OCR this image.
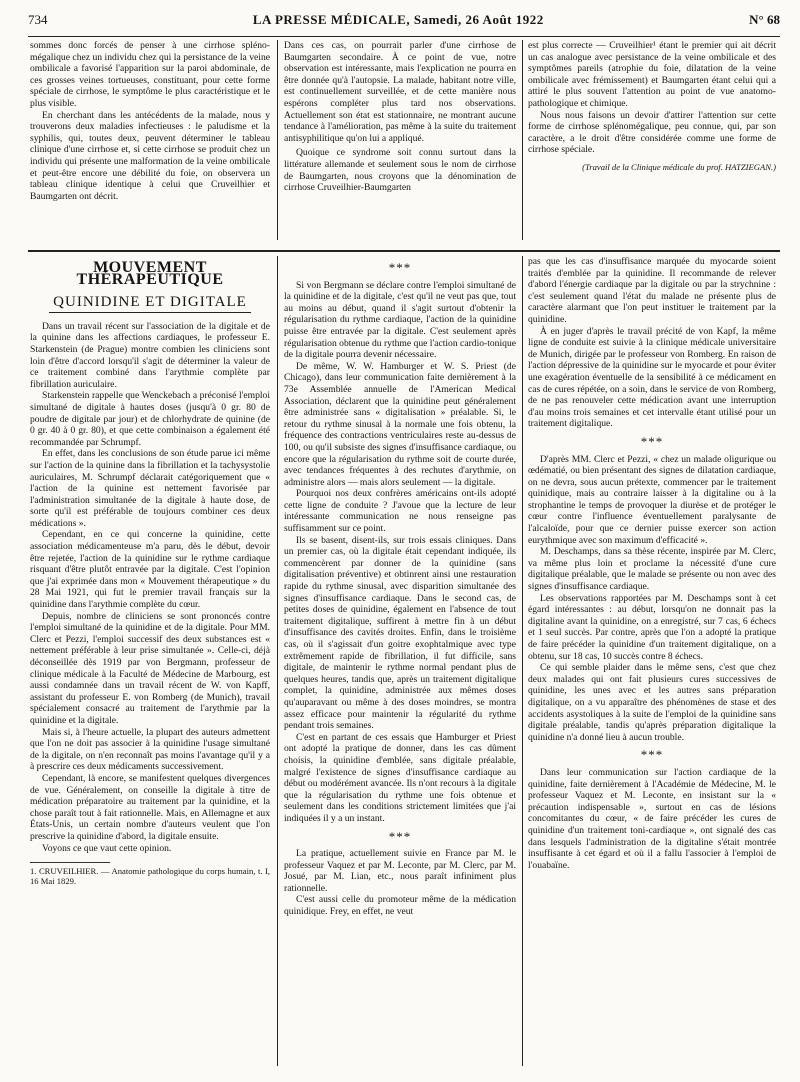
734	LA PRESSE MÉDICALE, Samedi, 26 Août 1922	N° 68

sommes donc forcés de penser à une cirrhose spléno-mégalique chez un individu chez qui la persistance de la veine ombilicale a favorisé l'apparition sur la paroi abdominale, de ces grosses veines tortueuses, constituant, pour cette forme spéciale de cirrhose, le symptôme le plus caractéristique et le plus visible.

En cherchant dans les antécédents de la malade, nous y trouverons deux maladies infectieuses : le paludisme et la syphilis, qui, toutes deux, peuvent déterminer le tableau clinique d'une cirrhose et, si cette cirrhose se produit chez un individu qui présente une malformation de la veine ombilicale et peut-être encore une débilité du foie, on observera un tableau clinique identique à celui que Cruveilhier et Baumgarten ont décrit.

Dans ces cas, on pourrait parler d'une cirrhose de Baumgarten secondaire. À ce point de vue, notre observation est intéressante, mais l'explication ne pourra en être donnée qu'à l'autopsie. La malade, habitant notre ville, est continuellement surveillée, et de cette manière nous espérons compléter plus tard nos observations. Actuellement son état est stationnaire, ne montrant aucune tendance à l'amélioration, pas même à la suite du traitement antisyphilitique qu'on lui a appliqué.

Quoique ce syndrome soit connu surtout dans la littérature allemande et seulement sous le nom de cirrhose de Baumgarten, nous croyons que la dénomination de cirrhose Cruveilhier-Baumgarten

est plus correcte — Cruveilhier¹ étant le premier qui ait décrit un cas analogue avec persistance de la veine ombilicale et des symptômes pareils (atrophie du foie, dilatation de la veine ombilicale avec frémissement) et Baumgarten étant celui qui a attiré le plus souvent l'attention au point de vue anatomo-pathologique et chimique.

Nous nous faisons un devoir d'attirer l'attention sur cette forme de cirrhose splénomégalique, peu connue, qui, par son caractère, a le droit d'être considérée comme une forme de cirrhose spéciale.

(Travail de la Clinique médicale du prof. HATZIEGAN.)
MOUVEMENT THÉRAPEUTIQUE
QUINIDINE ET DIGITALE

Dans un travail récent sur l'association de la digitale et de la quinine dans les affections cardiaques, le professeur E. Starkenstein (de Prague) montre combien les cliniciens sont loin d'être d'accord lorsqu'il s'agit de déterminer la valeur de ce traitement combiné dans l'arythmie complète par fibrillation auriculaire.

Starkenstein rappelle que Wenckebach a préconisé l'emploi simultané de digitale à hautes doses (jusqu'à 0 gr. 80 de poudre de digitale par jour) et de chlorhydrate de quinine (de 0 gr. 40 à 0 gr. 80), et que cette combinaison a également été recommandée par Schrumpf.

En effet, dans les conclusions de son étude parue ici même sur l'action de la quinine dans la fibrillation et la tachysystolie auriculaires, M. Schrumpf déclarait catégoriquement que « l'action de la quinine est nettement favorisée par l'administration simultanée de la digitale à haute dose, de sorte qu'il est préférable de toujours combiner ces deux médications ».

Cependant, en ce qui concerne la quinidine, cette association médicamenteuse m'a paru, dès le début, devoir être rejetée, l'action de la quinidine sur le rythme cardiaque risquant d'être plutôt entravée par la digitale. C'est l'opinion que j'ai exprimée dans mon « Mouvement thérapeutique » du 28 Mai 1921, qui fut le premier travail français sur la quinidine dans l'arythmie complète du cœur.

Depuis, nombre de cliniciens se sont prononcés contre l'emploi simultané de la quinidine et de la digitale. Pour MM. Clerc et Pezzi, l'emploi successif des deux substances est « nettement préférable à leur prise simultanée ». Celle-ci, déjà déconseillée dès 1919 par von Bergmann, professeur de clinique médicale à la Faculté de Médecine de Marbourg, est aussi condamnée dans un travail récent de W. von Kapff, assistant du professeur E. von Romberg (de Munich), travail spécialement consacré au traitement de l'arythmie par la quinidine et la digitale.

Mais si, à l'heure actuelle, la plupart des auteurs admettent que l'on ne doit pas associer à la quinidine l'usage simultané de la digitale, on n'en reconnaît pas moins l'avantage qu'il y a à prescrire ces deux médicaments successivement.

Cependant, là encore, se manifestent quelques divergences de vue. Généralement, on conseille la digitale à titre de médication préparatoire au traitement par la quinidine, et la chose paraît tout à fait rationnelle. Mais, en Allemagne et aux États-Unis, un certain nombre d'auteurs veulent que l'on prescrive la quinidine d'abord, la digitale ensuite.

Voyons ce que vaut cette opinion.

1. CRUVEILHIER. — Anatomie pathologique du corps humain, t. I, 16 Mai 1829.
***

Si von Bergmann se déclare contre l'emploi simultané de la quinidine et de la digitale, c'est qu'il ne veut pas que, tout au moins au début, quand il s'agit surtout d'obtenir la régularisation du rythme cardiaque, l'action de la quinidine puisse être entravée par la digitale. C'est seulement après régularisation obtenue du rythme que l'action cardio-tonique de la digitale pourra devenir nécessaire.

De même, W. W. Hamburger et W. S. Priest (de Chicago), dans leur communication faite dernièrement à la 73e Assemblée annuelle de l'American Medical Association, déclarent que la quinidine peut généralement être administrée sans « digitalisation » préalable. Si, le retour du rythme sinusal à la normale une fois obtenu, la fréquence des contractions ventriculaires reste au-dessus de 100, ou qu'il subsiste des signes d'insuffisance cardiaque, ou encore que la régularisation du rythme soit de courte durée, avec tendances fréquentes à des rechutes d'arythmie, on administre alors — mais alors seulement — la digitale.

Pourquoi nos deux confrères américains ont-ils adopté cette ligne de conduite ? J'avoue que la lecture de leur intéressante communication ne nous renseigne pas suffisamment sur ce point.

Ils se basent, disent-ils, sur trois essais cliniques. Dans un premier cas, où la digitale était cependant indiquée, ils commencèrent par donner de la quinidine (sans digitalisation préventive) et obtinrent ainsi une restauration rapide du rythme sinusal, avec disparition simultanée des signes d'insuffisance cardiaque. Dans le second cas, de petites doses de quinidine, également en l'absence de tout traitement digitalique, suffirent à mettre fin à un début d'insuffisance des cavités droites. Enfin, dans le troisième cas, où il s'agissait d'un goitre exophtalmique avec type extrêmement rapide de fibrillation, il fut difficile, sans digitale, de maintenir le rythme normal pendant plus de quelques heures, tandis que, après un traitement digitalique complet, la quinidine, administrée aux mêmes doses qu'auparavant ou même à des doses moindres, se montra assez efficace pour maintenir la régularité du rythme pendant trois semaines.

C'est en partant de ces essais que Hamburger et Priest ont adopté la pratique de donner, dans les cas dûment choisis, la quinidine d'emblée, sans digitale préalable, malgré l'existence de signes d'insuffisance cardiaque au début ou modérément avancée. Ils n'ont recours à la digitale que la régularisation du rythme une fois obtenue et seulement dans les conditions strictement limitées que j'ai indiquées il y a un instant.

***

La pratique, actuellement suivie en France par M. le professeur Vaquez et par M. Leconte, par M. Clerc, par M. Josué, par M. Lian, etc., nous paraît infiniment plus rationnelle.

C'est aussi celle du promoteur même de la médication quinidique. Frey, en effet, ne veut

pas que les cas d'insuffisance marquée du myocarde soient traités d'emblée par la quinidine. Il recommande de relever d'abord l'énergie cardiaque par la digitale ou par la strychnine : c'est seulement quand l'état du malade ne présente plus de caractère alarmant que l'on peut instituer le traitement par la quinidine.

À en juger d'après le travail précité de von Kapf, la même ligne de conduite est suivie à la clinique médicale universitaire de Munich, dirigée par le professeur von Romberg. En raison de l'action dépressive de la quinidine sur le myocarde et pour éviter une exagération éventuelle de la sensibilité à ce médicament en cas de cures répétée, on a soin, dans le service de von Romberg, de ne pas renouveler cette médication avant une interruption d'au moins trois semaines et cet intervalle étant utilisé pour un traitement digitalique.

***

D'après MM. Clerc et Pezzi, « chez un malade oligurique ou œdématié, ou bien présentant des signes de dilatation cardiaque, on ne devra, sous aucun prétexte, commencer par le traitement quinidique, mais au contraire laisser à la digitaline ou à la strophantine le temps de provoquer la diurèse et de protéger le cœur contre l'influence éventuellement paralysante de l'alcaloïde, pour que ce dernier puisse exercer son action eurythmique avec son maximum d'efficacité ».

M. Deschamps, dans sa thèse récente, inspirée par M. Clerc, va même plus loin et proclame la nécessité d'une cure digitalique préalable, que le malade se présente ou non avec des signes d'insuffisance cardiaque.

Les observations rapportées par M. Deschamps sont à cet égard intéressantes : au début, lorsqu'on ne donnait pas la digitaline avant la quinidine, on a enregistré, sur 7 cas, 6 échecs et 1 seul succès. Par contre, après que l'on a adopté la pratique de faire précéder la quinidine d'un traitement digitalique, on a obtenu, sur 18 cas, 10 succès contre 8 échecs.

Ce qui semble plaider dans le même sens, c'est que chez deux malades qui ont fait plusieurs cures successives de quinidine, les unes avec et les autres sans préparation digitalique, on a vu apparaître des phénomènes de stase et des accidents asystoliques à la suite de l'emploi de la quinidine sans digitale préalable, tandis qu'après préparation digitalique la quinidine n'a donné lieu à aucun trouble.

***

Dans leur communication sur l'action cardiaque de la quinidine, faite dernièrement à l'Académie de Médecine, M. le professeur Vaquez et M. Leconte, en insistant sur la « précaution indispensable », surtout en cas de lésions concomitantes du cœur, « de faire précéder les cures de quinidine d'un traitement toni-cardiaque », ont signalé des cas dans lesquels l'administration de la digitaline s'était montrée insuffisante à cet égard et où il a fallu l'associer à l'emploi de l'ouabaïne.
